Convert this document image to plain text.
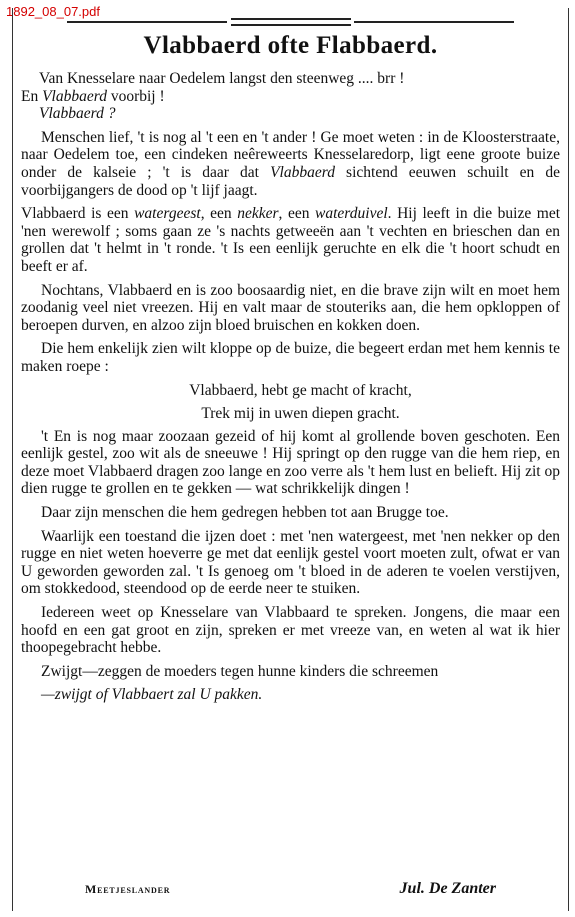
1892_08_07.pdf

Vlabbaerd ofte Flabbaerd.

Van Knesselare naar Oedelem langst den steenweg .... brr !

En Vlabbaerd voorbij !

Vlabbaerd ?

Menschen lief, 't is nog al 't een en 't ander ! Ge moet weten : in de Kloosterstraate, naar Oedelem toe, een cindeken neêreweerts Knesselaredorp, ligt eene groote buize onder de kalseie ; 't is daar dat Vlabbaerd sichtend eeuwen schuilt en de voorbijgangers de dood op 't lijf jaagt.

Vlabbaerd is een watergeest, een nekker, een waterduivel. Hij leeft in die buize met 'nen werewolf ; soms gaan ze 's nachts getweeën aan 't vechten en brieschen dan en grollen dat 't helmt in 't ronde. 't Is een eenlijk geruchte en elk die 't hoort schudt en beeft er af.

Nochtans, Vlabbaerd en is zoo boosaardig niet, en die brave zijn wilt en moet hem zoodanig veel niet vreezen. Hij en valt maar de stouteriks aan, die hem opkloppen of beroepen durven, en alzoo zijn bloed bruischen en kokken doen.

Die hem enkelijk zien wilt kloppe op de buize, die begeert erdan met hem kennis te maken roepe :

Vlabbaerd, hebt ge macht of kracht,

Trek mij in uwen diepen gracht.

't En is nog maar zoozaan gezeid of hij komt al grollende boven geschoten. Een eenlijk gestel, zoo wit als de sneeuwe ! Hij springt op den rugge van die hem riep, en deze moet Vlabbaerd dragen zoo lange en zoo verre als 't hem lust en belieft. Hij zit op dien rugge te grollen en te gekken — wat schrikkelijk dingen !

Daar zijn menschen die hem gedregen hebben tot aan Brugge toe.

Waarlijk een toestand die ijzen doet : met 'nen watergeest, met 'nen nekker op den rugge en niet weten hoeverre ge met dat eenlijk gestel voort moeten zult, ofwat er van U geworden geworden zal. 't Is genoeg om 't bloed in de aderen te voelen verstijven, om stokkedood, steendood op de eerde neer te stuiken.

Iedereen weet op Knesselare van Vlabbaard te spreken. Jongens, die maar een hoofd en een gat groot en zijn, spreken er met vreeze van, en weten al wat ik hier thoopegebracht hebbe.

Zwijgt—zeggen de moeders tegen hunne kinders die schreemen

—zwijgt of Vlabbaert zal U pakken.

Meetjeslander	Jul. De Zanter
